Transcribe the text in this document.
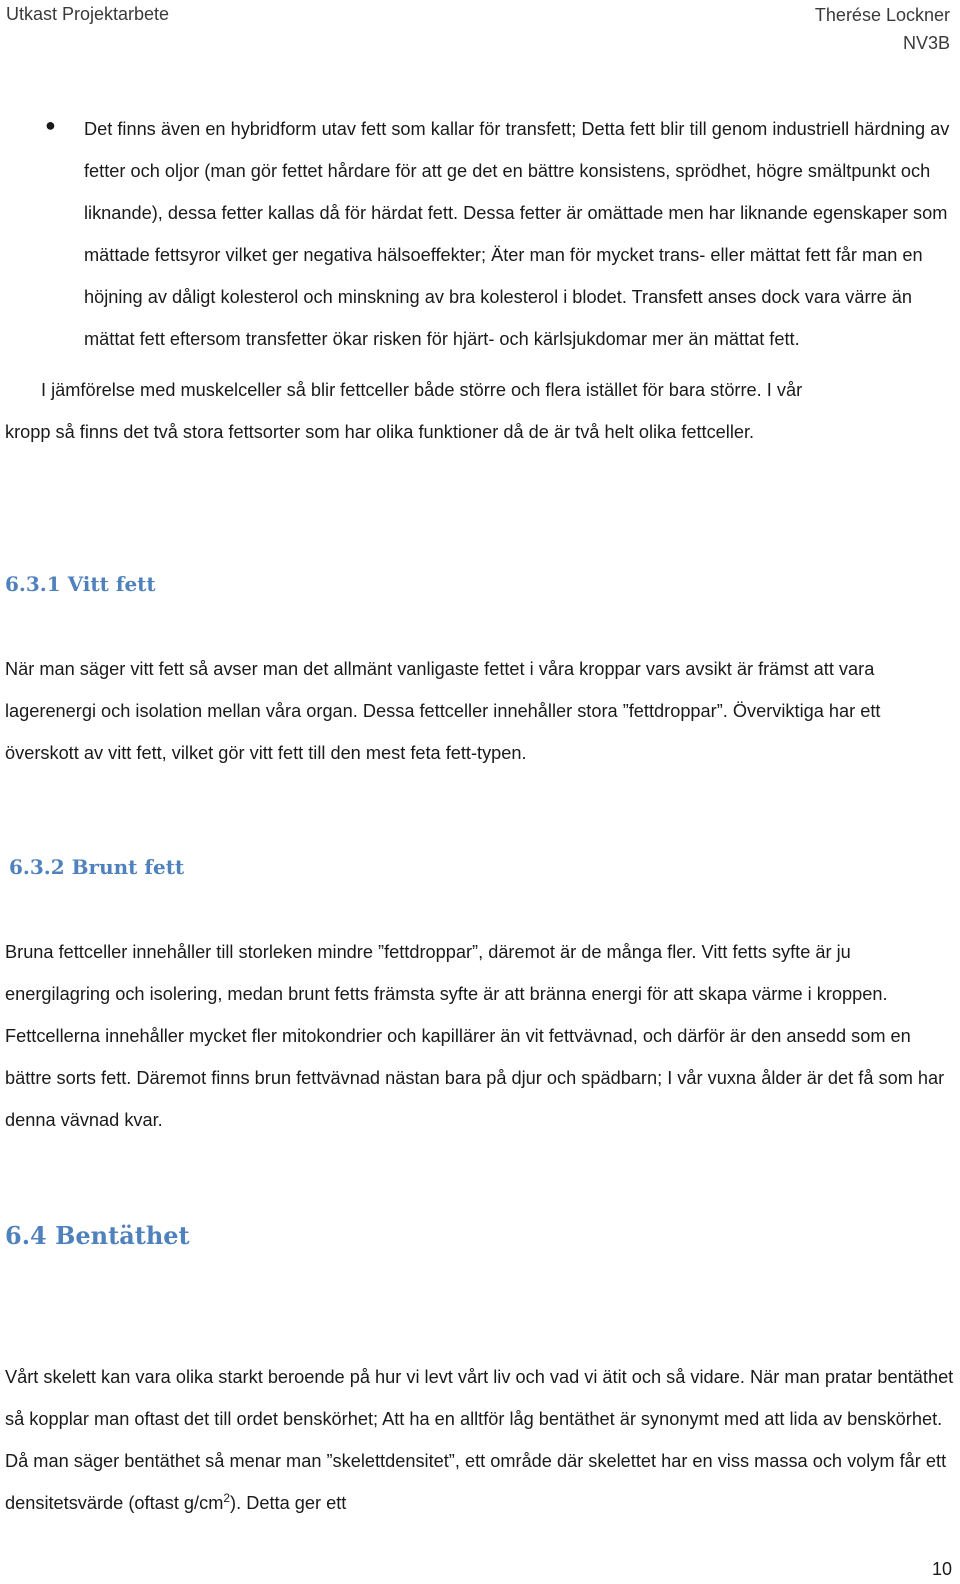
Utkast Projektarbete	Therése Lockner
NV3B
● Det finns även en hybridform utav fett som kallar för transfett; Detta fett blir till genom industriell härdning av fetter och oljor (man gör fettet hårdare för att ge det en bättre konsistens, sprödhet, högre smältpunkt och liknande), dessa fetter kallas då för härdat fett. Dessa fetter är omättade men har liknande egenskaper som mättade fettsyror vilket ger negativa hälsoeffekter; Äter man för mycket trans- eller mättat fett får man en höjning av dåligt kolesterol och minskning av bra kolesterol i blodet. Transfett anses dock vara värre än mättat fett eftersom transfetter ökar risken för hjärt- och kärlsjukdomar mer än mättat fett.
I jämförelse med muskelceller så blir fettceller både större och flera istället för bara större. I vår
kropp så finns det två stora fettsorter som har olika funktioner då de är två helt olika fettceller.
6.3.1 Vitt fett
När man säger vitt fett så avser man det allmänt vanligaste fettet i våra kroppar vars avsikt är främst att vara lagerenergi och isolation mellan våra organ. Dessa fettceller innehåller stora ”fettdroppar”. Överviktiga har ett överskott av vitt fett, vilket gör vitt fett till den mest feta fett-typen.
6.3.2 Brunt fett
Bruna fettceller innehåller till storleken mindre ”fettdroppar”, däremot är de många fler. Vitt fetts syfte är ju energilagring och isolering, medan brunt fetts främsta syfte är att bränna energi för att skapa värme i kroppen. Fettcellerna innehåller mycket fler mitokondrier och kapillärer än vit fettvävnad, och därför är den ansedd som en bättre sorts fett. Däremot finns brun fettvävnad nästan bara på djur och spädbarn; I vår vuxna ålder är det få som har denna vävnad kvar.
6.4 Bentäthet
Vårt skelett kan vara olika starkt beroende på hur vi levt vårt liv och vad vi ätit och så vidare. När man pratar bentäthet så kopplar man oftast det till ordet benskörhet; Att ha en alltför låg bentäthet är synonymt med att lida av benskörhet. Då man säger bentäthet så menar man ”skelettdensitet”, ett område där skelettet har en viss massa och volym får ett densitetsvärde (oftast $g/cm^2$). Detta ger ett
10
